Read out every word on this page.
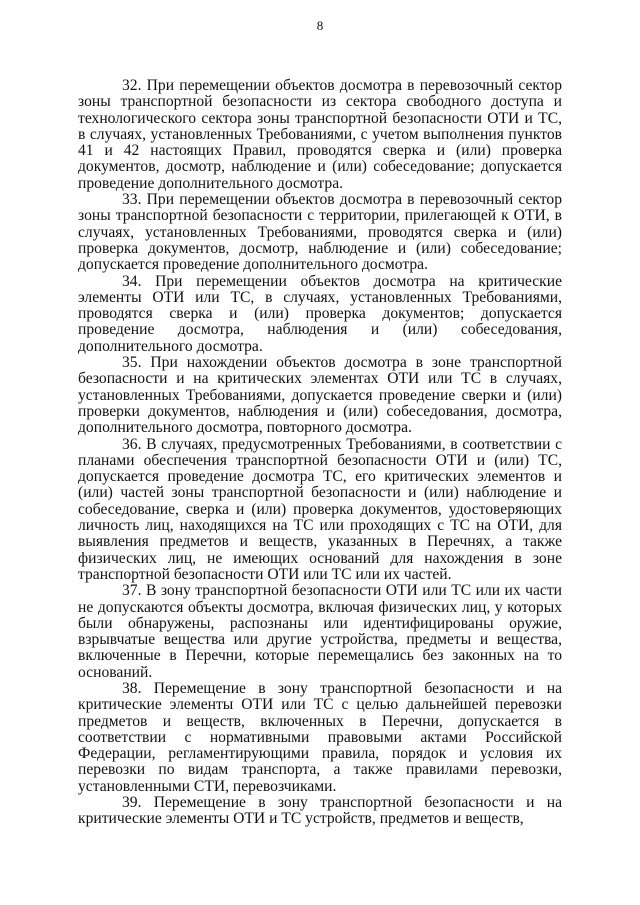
8

32. При перемещении объектов досмотра в перевозочный сектор зоны транспортной безопасности из сектора свободного доступа и технологического сектора зоны транспортной безопасности ОТИ и ТС, в случаях, установленных Требованиями, с учетом выполнения пунктов 41 и 42 настоящих Правил, проводятся сверка и (или) проверка документов, досмотр, наблюдение и (или) собеседование; допускается проведение дополнительного досмотра.

33. При перемещении объектов досмотра в перевозочный сектор зоны транспортной безопасности с территории, прилегающей к ОТИ, в случаях, установленных Требованиями, проводятся сверка и (или) проверка документов, досмотр, наблюдение и (или) собеседование; допускается проведение дополнительного досмотра.

34. При перемещении объектов досмотра на критические элементы ОТИ или ТС, в случаях, установленных Требованиями, проводятся сверка и (или) проверка документов; допускается проведение досмотра, наблюдения и (или) собеседования, дополнительного досмотра.

35. При нахождении объектов досмотра в зоне транспортной безопасности и на критических элементах ОТИ или ТС в случаях, установленных Требованиями, допускается проведение сверки и (или) проверки документов, наблюдения и (или) собеседования, досмотра, дополнительного досмотра, повторного досмотра.

36. В случаях, предусмотренных Требованиями, в соответствии с планами обеспечения транспортной безопасности ОТИ и (или) ТС, допускается проведение досмотра ТС, его критических элементов и (или) частей зоны транспортной безопасности и (или) наблюдение и собеседование, сверка и (или) проверка документов, удостоверяющих личность лиц, находящихся на ТС или проходящих с ТС на ОТИ, для выявления предметов и веществ, указанных в Перечнях, а также физических лиц, не имеющих оснований для нахождения в зоне транспортной безопасности ОТИ или ТС или их частей.

37. В зону транспортной безопасности ОТИ или ТС или их части не допускаются объекты досмотра, включая физических лиц, у которых были обнаружены, распознаны или идентифицированы оружие, взрывчатые вещества или другие устройства, предметы и вещества, включенные в Перечни, которые перемещались без законных на то оснований.

38. Перемещение в зону транспортной безопасности и на критические элементы ОТИ или ТС с целью дальнейшей перевозки предметов и веществ, включенных в Перечни, допускается в соответствии с нормативными правовыми актами Российской Федерации, регламентирующими правила, порядок и условия их перевозки по видам транспорта, а также правилами перевозки, установленными СТИ, перевозчиками.

39. Перемещение в зону транспортной безопасности и на критические элементы ОТИ и ТС устройств, предметов и веществ,
